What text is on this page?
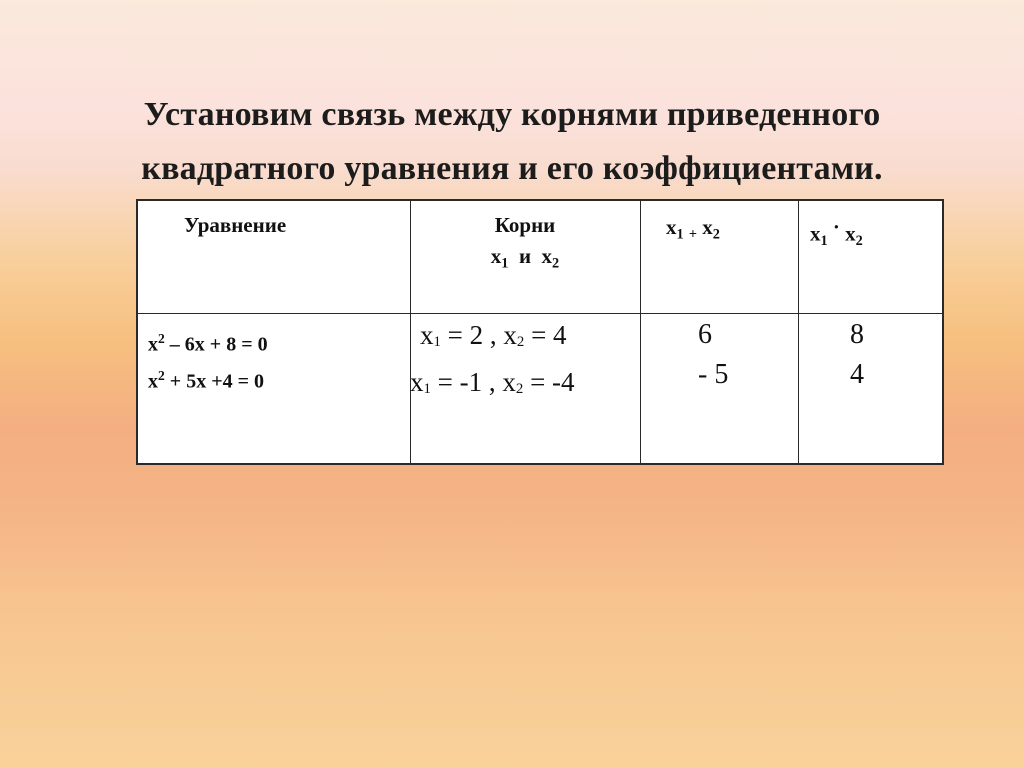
Установим связь между корнями приведенного
квадратного уравнения и его коэффициентами.
Уравнение	Корни
$x_1$ и $x_2$
$x_1$ $_+$ $x_2$	$x_1 \cdot x_2$
$x^2 - 6x + 8 = 0$
$x^2 + 5x +4 = 0$
x1 = 2 , x2 = 4
x1 = -1 , x2 = -4
6
- 5
8
4
